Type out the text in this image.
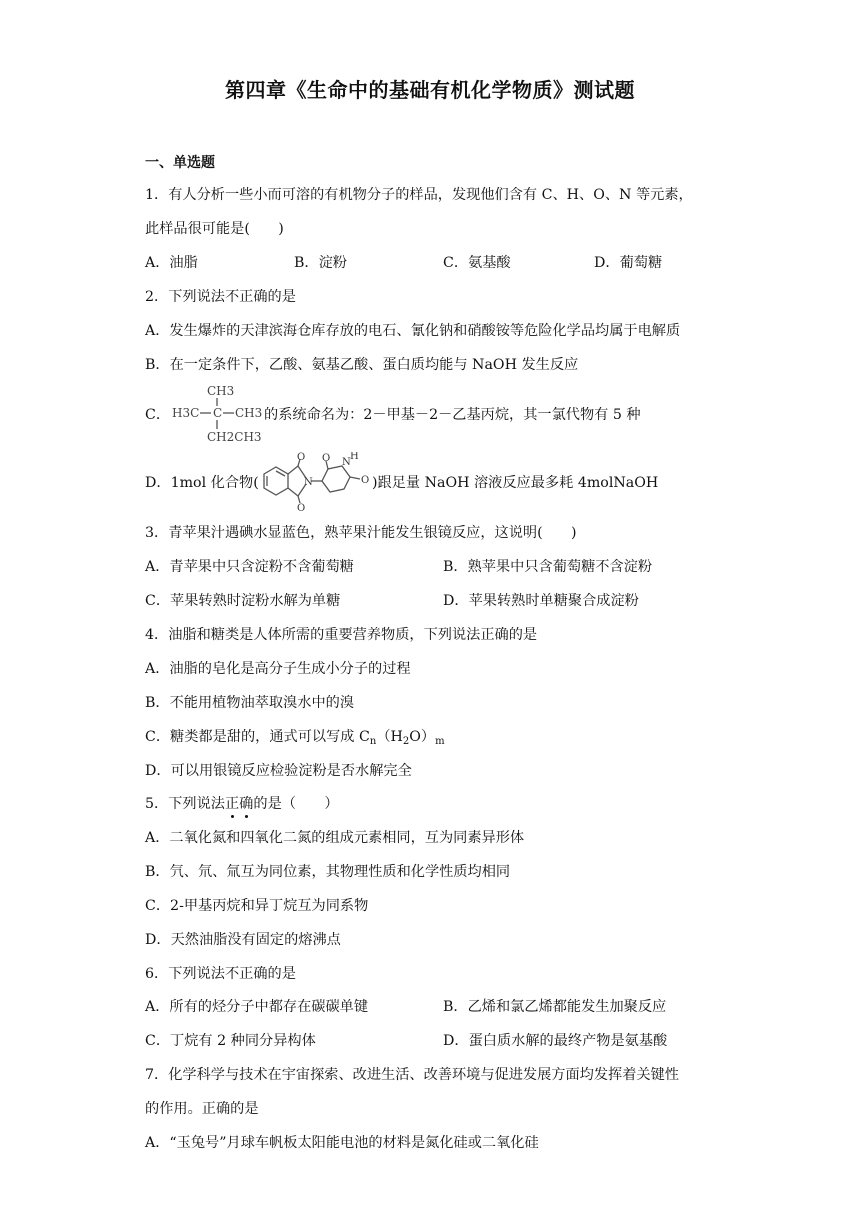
第四章《生命中的基础有机化学物质》测试题
一、单选题
1．有人分析一些小而可溶的有机物分子的样品，发现他们含有 C、H、O、N 等元素，
此样品很可能是(　　)
A．油脂	B．淀粉	C．氨基酸	D．葡萄糖
2．下列说法不正确的是
A．发生爆炸的天津滨海仓库存放的电石、氰化钠和硝酸铵等危险化学品均属于电解质
B．在一定条件下，乙酸、氨基乙酸、蛋白质均能与 NaOH 发生反应
C．
CH3
H3C C CH3
CH2CH3
的系统命名为：2－甲基－2－乙基丙烷，其一氯代物有 5 种
D．1mol 化合物(
O
O
N
O N
H
O )跟足量 NaOH 溶液反应最多耗 4molNaOH
3．青苹果汁遇碘水显蓝色，熟苹果汁能发生银镜反应，这说明(　　)
A．青苹果中只含淀粉不含葡萄糖	B．熟苹果中只含葡萄糖不含淀粉
C．苹果转熟时淀粉水解为单糖	D．苹果转熟时单糖聚合成淀粉
4．油脂和糖类是人体所需的重要营养物质，下列说法正确的是
A．油脂的皂化是高分子生成小分子的过程
B．不能用植物油萃取溴水中的溴
C．糖类都是甜的，通式可以写成 $C_n(H_2O)_m$
D．可以用银镜反应检验淀粉是否水解完全
5．下列说法正确的是（　　）
A．二氧化氮和四氧化二氮的组成元素相同，互为同素异形体
B．氕、氘、氚互为同位素，其物理性质和化学性质均相同
C．2-甲基丙烷和异丁烷互为同系物
D．天然油脂没有固定的熔沸点
6．下列说法不正确的是
A．所有的烃分子中都存在碳碳单键	B．乙烯和氯乙烯都能发生加聚反应
C．丁烷有 2 种同分异构体	D．蛋白质水解的最终产物是氨基酸
7．化学科学与技术在宇宙探索、改进生活、改善环境与促进发展方面均发挥着关键性
的作用。正确的是
A．“玉兔号”月球车帆板太阳能电池的材料是氮化硅或二氧化硅
